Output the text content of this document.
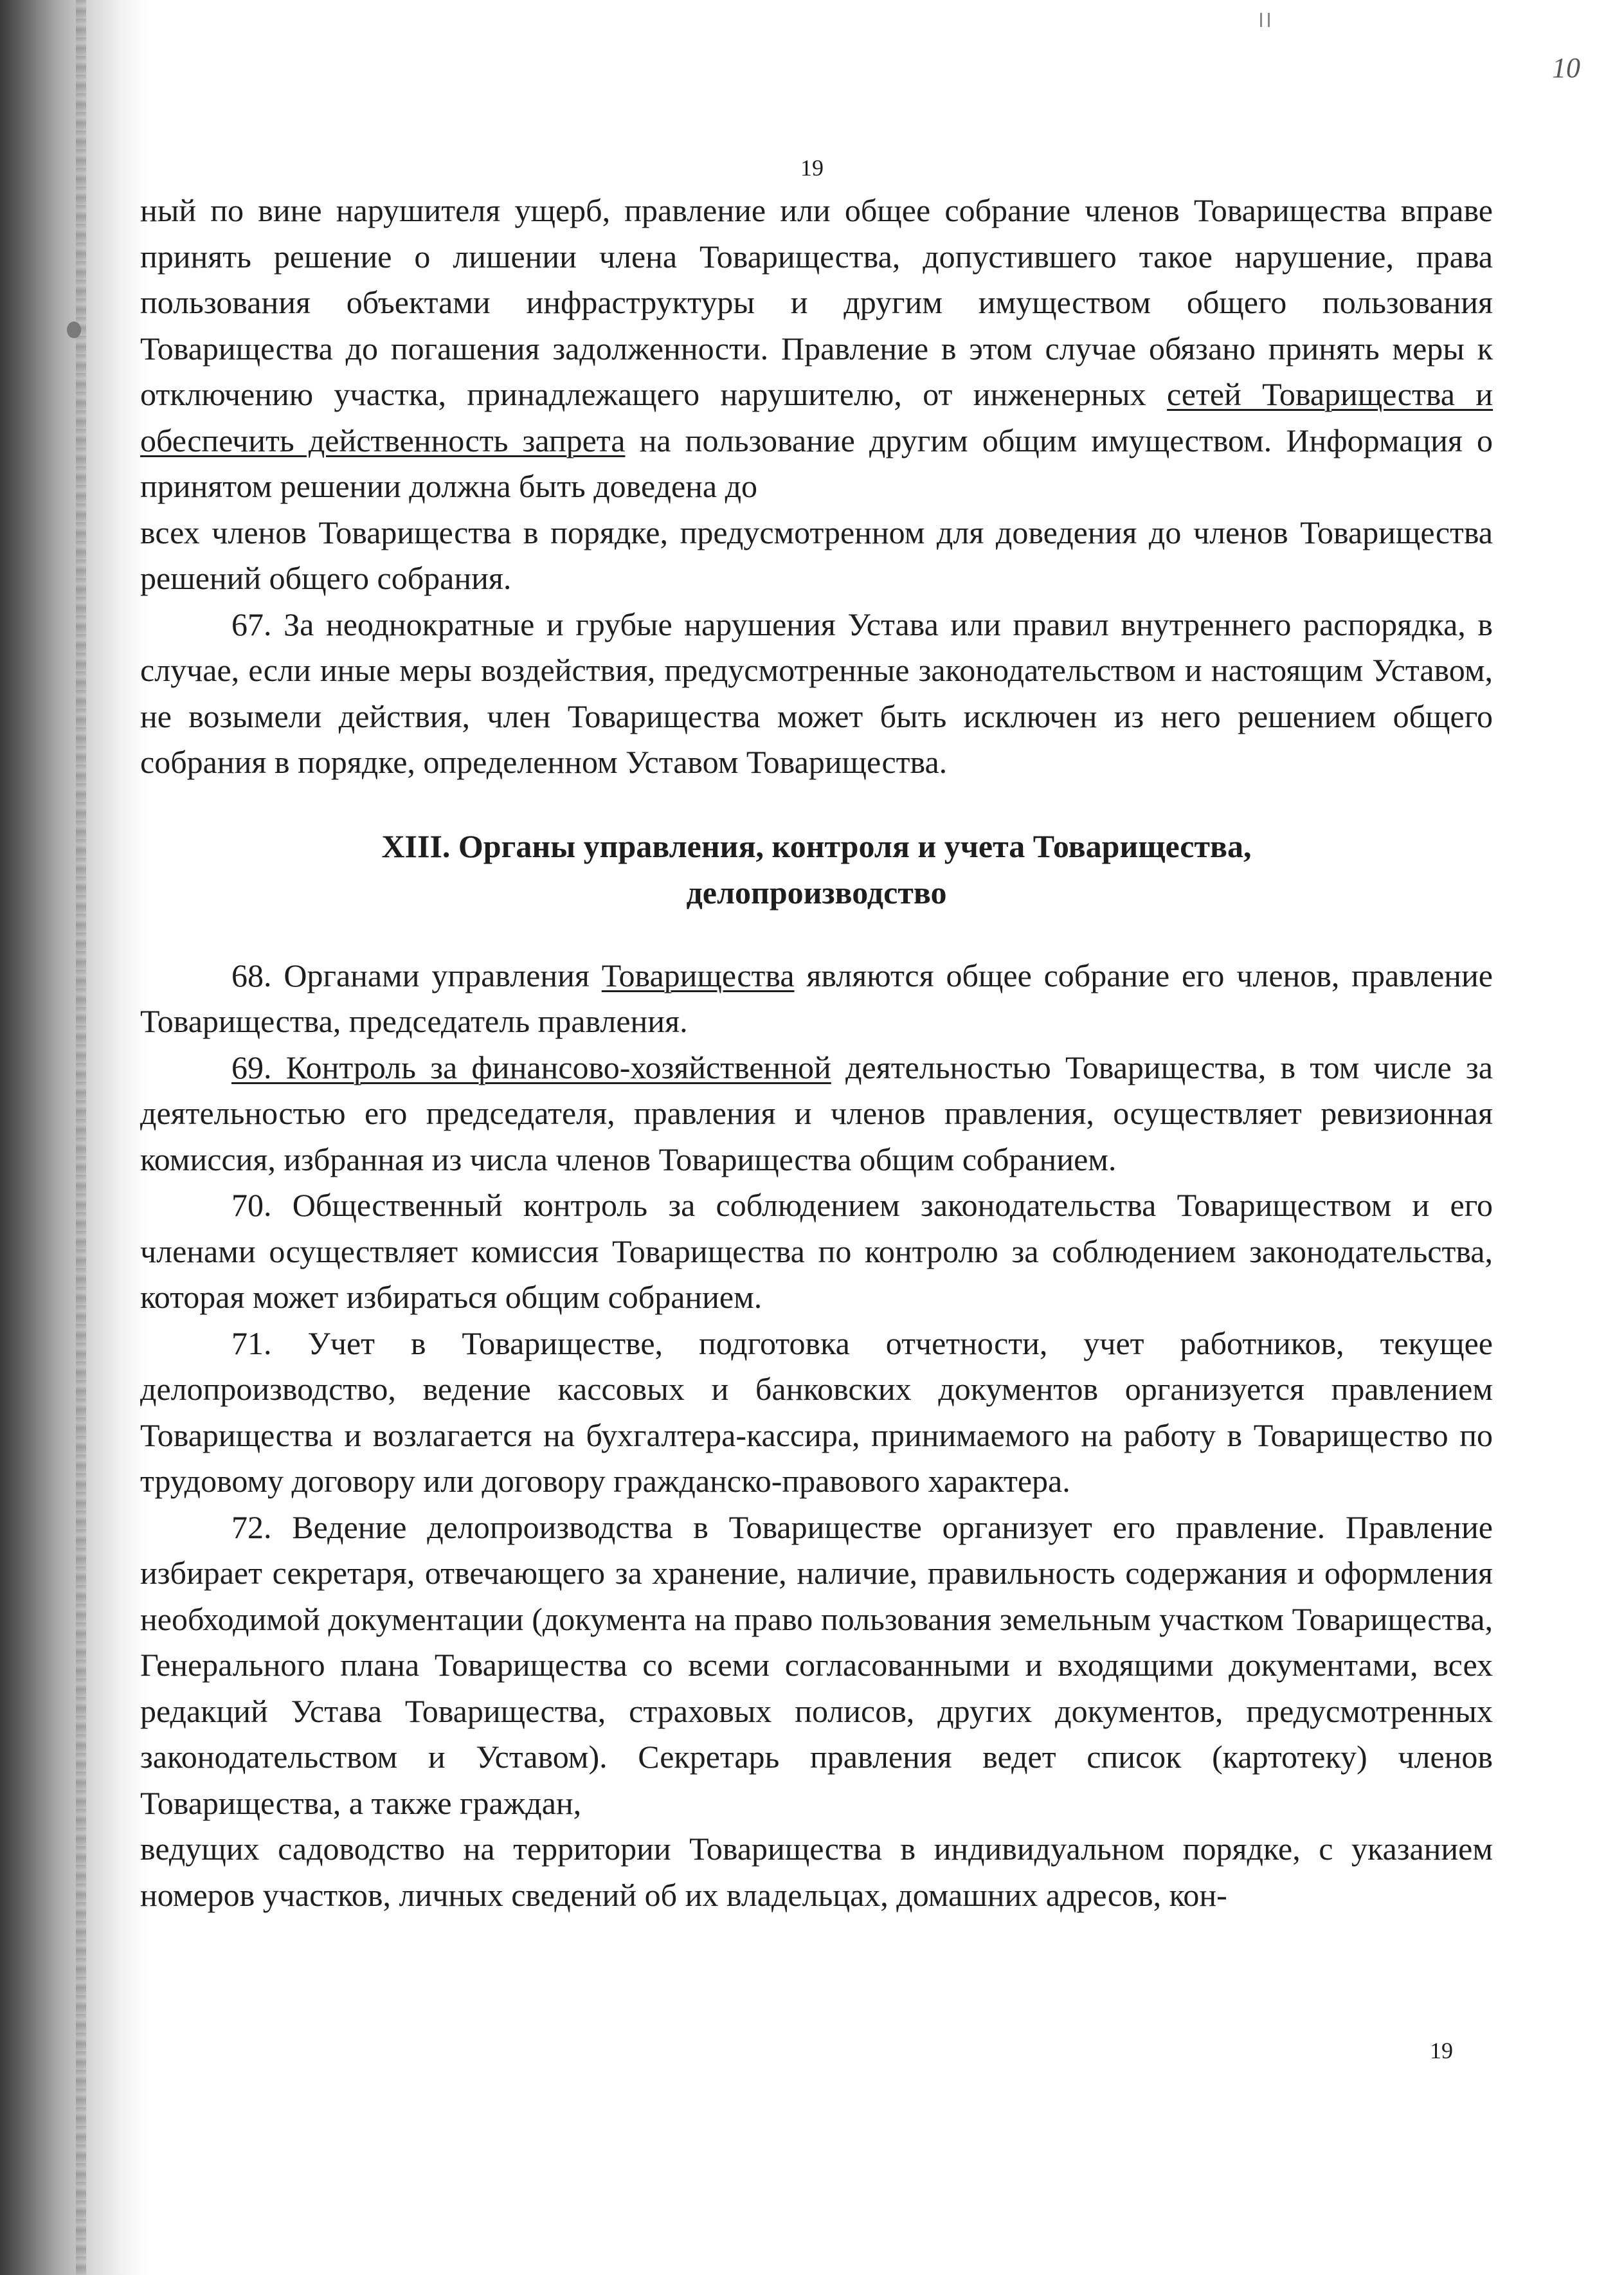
10
19

ный по вине нарушителя ущерб, правление или общее собрание членов Товарищества вправе принять решение о лишении члена Товарищества, допустившего такое нарушение, права пользования объектами инфраструктуры и другим имуществом общего пользования Товарищества до погашения задолженности. Правление в этом случае обязано принять меры к отключению участка, принадлежащего нарушителю, от инженерных сетей Товарищества и обеспечить действенность запрета на пользование другим общим имуществом. Информация о принятом решении должна быть доведена до

всех членов Товарищества в порядке, предусмотренном для доведения до членов Товарищества решений общего собрания.

67. За неоднократные и грубые нарушения Устава или правил внутреннего распорядка, в случае, если иные меры воздействия, предусмотренные законодательством и настоящим Уставом, не возымели действия, член Товарищества может быть исключен из него решением общего собрания в порядке, определенном Уставом Товарищества.

XIII. Органы управления, контроля и учета Товарищества,
делопроизводство

68. Органами управления Товарищества являются общее собрание его членов, правление Товарищества, председатель правления.

69. Контроль за финансово-хозяйственной деятельностью Товарищества, в том числе за деятельностью его председателя, правления и членов правления, осуществляет ревизионная комиссия, избранная из числа членов Товарищества общим собранием.

70. Общественный контроль за соблюдением законодательства Товариществом и его членами осуществляет комиссия Товарищества по контролю за соблюдением законодательства, которая может избираться общим собранием.

71. Учет в Товариществе, подготовка отчетности, учет работников, текущее делопроизводство, ведение кассовых и банковских документов организуется правлением Товарищества и возлагается на бухгалтера-кассира, принимаемого на работу в Товарищество по трудовому договору или договору гражданско-правового характера.

72. Ведение делопроизводства в Товариществе организует его правление. Правление избирает секретаря, отвечающего за хранение, наличие, правильность содержания и оформления необходимой документации (документа на право пользования земельным участком Товарищества, Генерального плана Товарищества со всеми согласованными и входящими документами, всех редакций Устава Товарищества, страховых полисов, других документов, предусмотренных законодательством и Уставом). Секретарь правления ведет список (картотеку) членов Товарищества, а также граждан,

ведущих садоводство на территории Товарищества в индивидуальном порядке, с указанием номеров участков, личных сведений об их владельцах, домашних адресов, кон-

19
